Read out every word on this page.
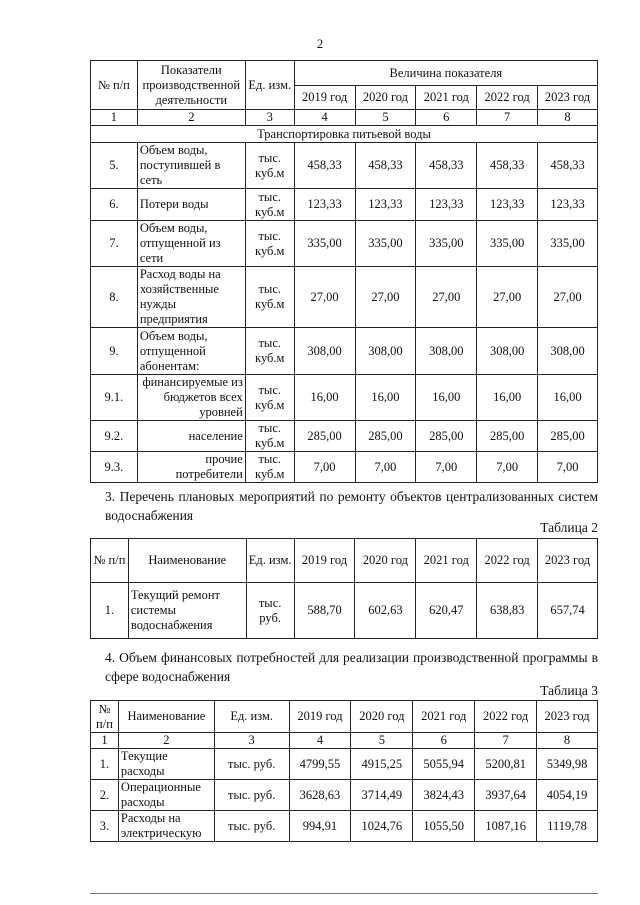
2
№ п/п	Показатели производственной деятельности	Ед. изм.	Величина показателя				
			2019 год	2020 год	2021 год	2022 год	2023 год
1	2	3	4	5	6	7	8
Транспортировка питьевой воды							
5.	Объем воды, поступившей в сеть	тыс. куб.м	458,33	458,33	458,33	458,33	458,33
6.	Потери воды	тыс. куб.м	123,33	123,33	123,33	123,33	123,33
7.	Объем воды, отпущенной из сети	тыс. куб.м	335,00	335,00	335,00	335,00	335,00
8.	Расход воды на хозяйственные нужды предприятия	тыс. куб.м	27,00	27,00	27,00	27,00	27,00
9.	Объем воды, отпущенной абонентам:	тыс. куб.м	308,00	308,00	308,00	308,00	308,00
9.1.	финансируемые из бюджетов всех уровней	тыс. куб.м	16,00	16,00	16,00	16,00	16,00
9.2.	население	тыс. куб.м	285,00	285,00	285,00	285,00	285,00
9.3.	прочие потребители	тыс. куб.м	7,00	7,00	7,00	7,00	7,00
3. Перечень плановых мероприятий по ремонту объектов централизованных систем водоснабжения
Таблица 2
№ п/п	Наименование	Ед. изм.	2019 год	2020 год	2021 год	2022 год	2023 год
1.	Текущий ремонт системы водоснабжения	тыс. руб.	588,70	602,63	620,47	638,83	657,74
4. Объем финансовых потребностей для реализации производственной программы в сфере водоснабжения
Таблица 3
№ п/п	Наименование	Ед. изм.	2019 год	2020 год	2021 год	2022 год	2023 год
1	2	3	4	5	6	7	8
1.	Текущие расходы	тыс. руб.	4799,55	4915,25	5055,94	5200,81	5349,98
2.	Операционные расходы	тыс. руб.	3628,63	3714,49	3824,43	3937,64	4054,19
3.	Расходы на электрическую	тыс. руб.	994,91	1024,76	1055,50	1087,16	1119,78
